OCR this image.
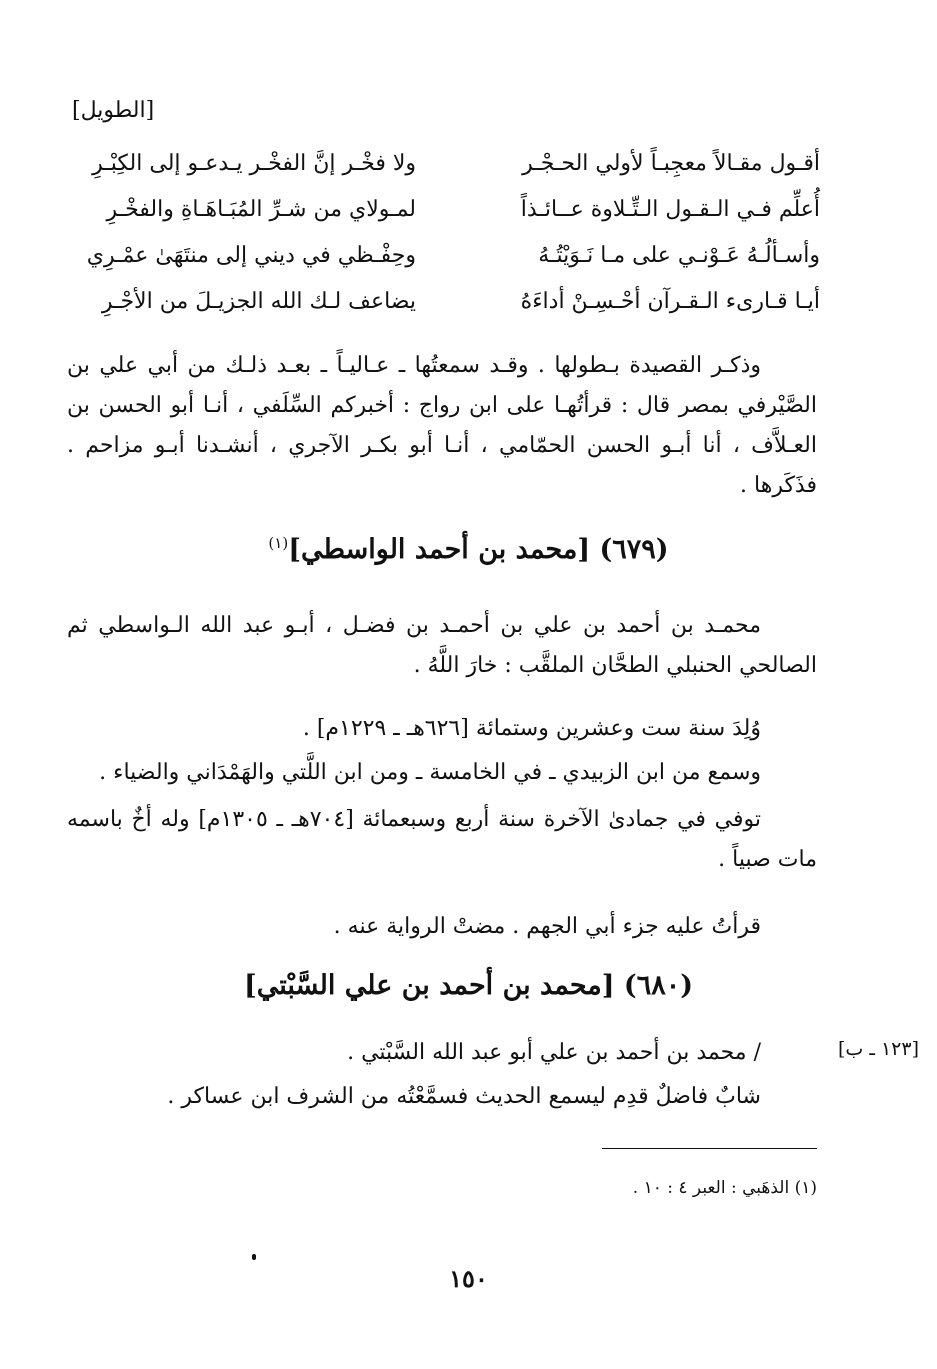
[الطويل]
أقـول مقـالاً معجِبـاً لأولي الحـجْـر
ولا فخْـر إنَّ الفخْـر يـدعـو إلى الكِبْـرِ
أُعلِّم فـي الـقـول الـتِّـلاوة عــائـذاً
لمـولاي من شـرِّ المُبَـاهَـاةِ والفخْـرِ
وأسـألُـهُ عَـوْنـي على مـا نَـوَيْتُـهُ
وحِفْـظي في ديني إلى منتَهَىٰ عمْـرِي
أيـا قـارىء الـقـرآن أحْـسِـنْ أداءَهُ
يضاعف لـك الله الجزيـلَ من الأجْـرِ
وذكـر القصيدة بـطولها . وقـد سمعتُها ـ عـاليـاً ـ بعـد ذلـك من أبي علي بن الصَّيْرفي بمصر قال : قرأتُهـا على ابن رواج : أخبركم السِّلَفي ، أنـا أبو الحسن بن العـلاَّف ، أنا أبـو الحسن الحمّامي ، أنـا أبو بكـر الآجري ، أنشـدنا أبـو مزاحم . فذَكَرها .
(٦٧٩) [محمد بن أحمد الواسطي]$^{(١)}$
محمـد بن أحمد بن علي بن أحمـد بن فضـل ، أبـو عبد الله الـواسطي ثم الصالحي الحنبلي الطحَّان الملقَّب : خارَ اللَّهُ .
وُلِدَ سنة ست وعشرين وستمائة [٦٢٦هـ ـ ١٢٢٩م] .
وسمع من ابن الزبيدي ـ في الخامسة ـ ومن ابن اللَّتي والهَمْدَاني والضياء .
توفي في جمادىٰ الآخرة سنة أربع وسبعمائة [٧٠٤هـ ـ ١٣٠٥م] وله أخٌ باسمه مات صبياً .
قرأتُ عليه جزء أبي الجهم . مضتْ الرواية عنه .
(٦٨٠) [محمد بن أحمد بن علي السَّبْتي]
[١٢٣ ـ ب]
/ محمد بن أحمد بن علي أبو عبد الله السَّبْتي .
شابٌ فاضلٌ قدِم ليسمع الحديث فسمَّعْتُه من الشرف ابن عساكر .
(١) الذهَبي : العبر ٤ : ١٠ .
١٥٠
